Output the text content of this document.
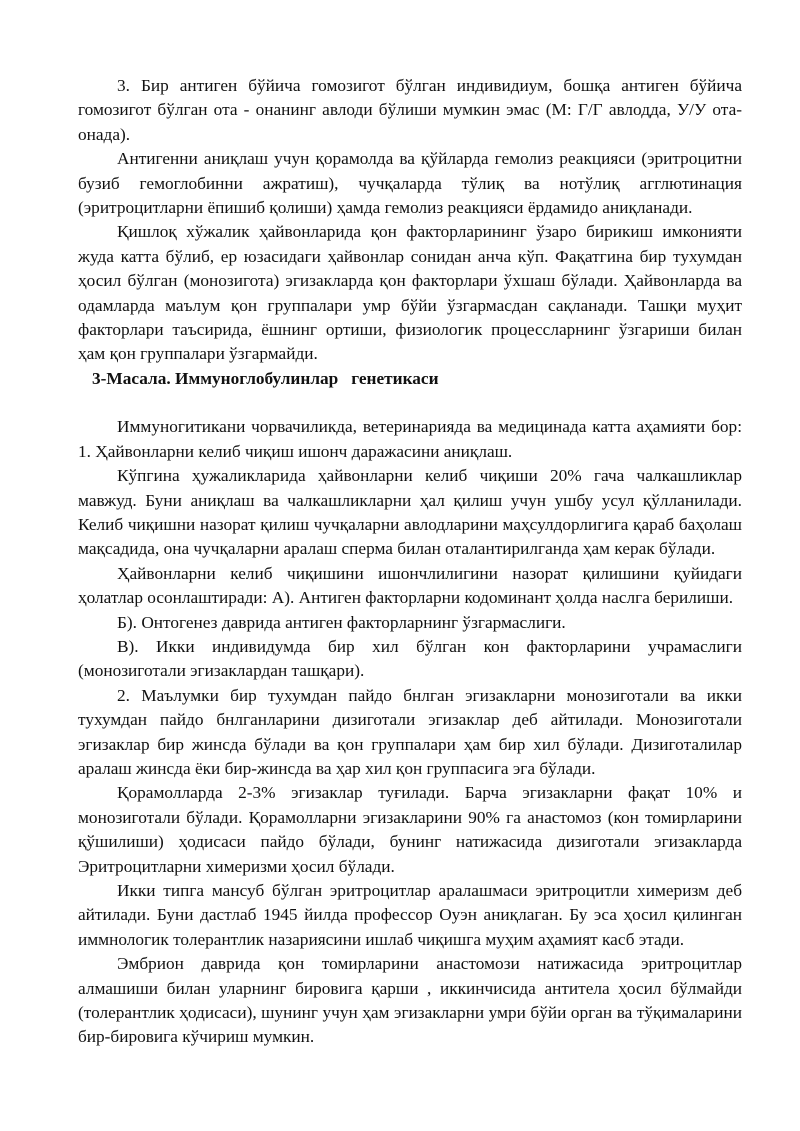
3. Бир антиген бўйича гомозигот бўлган индивидиум, бошқа антиген бўйича гомозигот бўлган ота - онанинг авлоди бўлиши мумкин эмас (М: Г/Г авлодда, У/У ота-онада).

Антигенни аниқлаш учун қорамолда ва қўйларда гемолиз реакцияси (эритроцитни бузиб гемоглобинни ажратиш), чучқаларда тўлиқ ва нотўлиқ агглютинация (эритроцитларни ёпишиб қолиши) ҳамда гемолиз реакцияси ёрдамидо аниқланади.

Қишлоқ хўжалик ҳайвонларида қон факторларининг ўзаро бирикиш имконияти жуда катта бўлиб, ер юзасидаги ҳайвонлар сонидан анча кўп. Фақатгина бир тухумдан ҳосил бўлган (монозигота) эгизакларда қон факторлари ўхшаш бўлади. Ҳайвонларда ва одамларда маълум қон группалари умр бўйи ўзгармасдан сақланади. Ташқи муҳит факторлари таъсирида, ёшнинг ортиши, физиологик процессларнинг ўзгариши билан ҳам қон группалари ўзгармайди.

3-Масала. Иммуноглобулинлар   генетикаси

Иммуногитикани чорвачиликда, ветеринарияда ва медицинада катта аҳамияти бор: 1. Ҳайвонларни келиб чиқиш ишонч даражасини аниқлаш.

Кўпгина ҳужаликларида ҳайвонларни келиб чиқиши 20% гача чалкашликлар мавжуд. Буни аниқлаш ва чалкашликларни ҳал қилиш учун ушбу усул қўлланилади. Келиб чиқишни назорат қилиш чучқаларни авлодларини маҳсулдорлигига қараб баҳолаш мақсадида, она чучқаларни аралаш сперма билан оталантирилганда ҳам керак бўлади.

Ҳайвонларни келиб чиқишини ишончлилигини назорат қилишини қуйидаги ҳолатлар осонлаштиради: А). Антиген факторларни кодоминант ҳолда наслга берилиши.

Б). Онтогенез даврида антиген факторларнинг ўзгармаслиги.

В). Икки индивидумда бир хил бўлган кон факторларини учрамаслиги (монозиготали эгизаклардан ташқари).

2. Маълумки бир тухумдан пайдо бнлган эгизакларни монозиготали ва икки тухумдан пайдо бнлганларини дизиготали эгизаклар деб айтилади. Монозиготали эгизаклар бир жинсда бўлади ва қон группалари ҳам бир хил бўлади. Дизиготалилар аралаш жинсда ёки бир-жинсда ва ҳар хил қон группасига эга бўлади.

Қорамолларда 2-3% эгизаклар туғилади. Барча эгизакларни фақат 10% и монозиготали бўлади. Қорамолларни эгизакларини 90% га анастомоз (кон томирларини қўшилиши) ҳодисаси пайдо бўлади, бунинг натижасида дизиготали эгизакларда Эритроцитларни химеризми ҳосил бўлади.

Икки типга мансуб бўлган эритроцитлар аралашмаси эритроцитли химеризм деб айтилади. Буни дастлаб 1945 йилда профессор Оуэн аниқлаган. Бу эса ҳосил қилинган иммнологик толерантлик назариясини ишлаб чиқишга муҳим аҳамият касб этади.

Эмбрион даврида қон томирларини анастомози натижасида эритроцитлар алмашиши билан уларнинг бировига қарши , иккинчисида антитела ҳосил бўлмайди (толерантлик ҳодисаси), шунинг учун ҳам эгизакларни умри бўйи орган ва тўқималарини бир-бировига кўчириш мумкин.
